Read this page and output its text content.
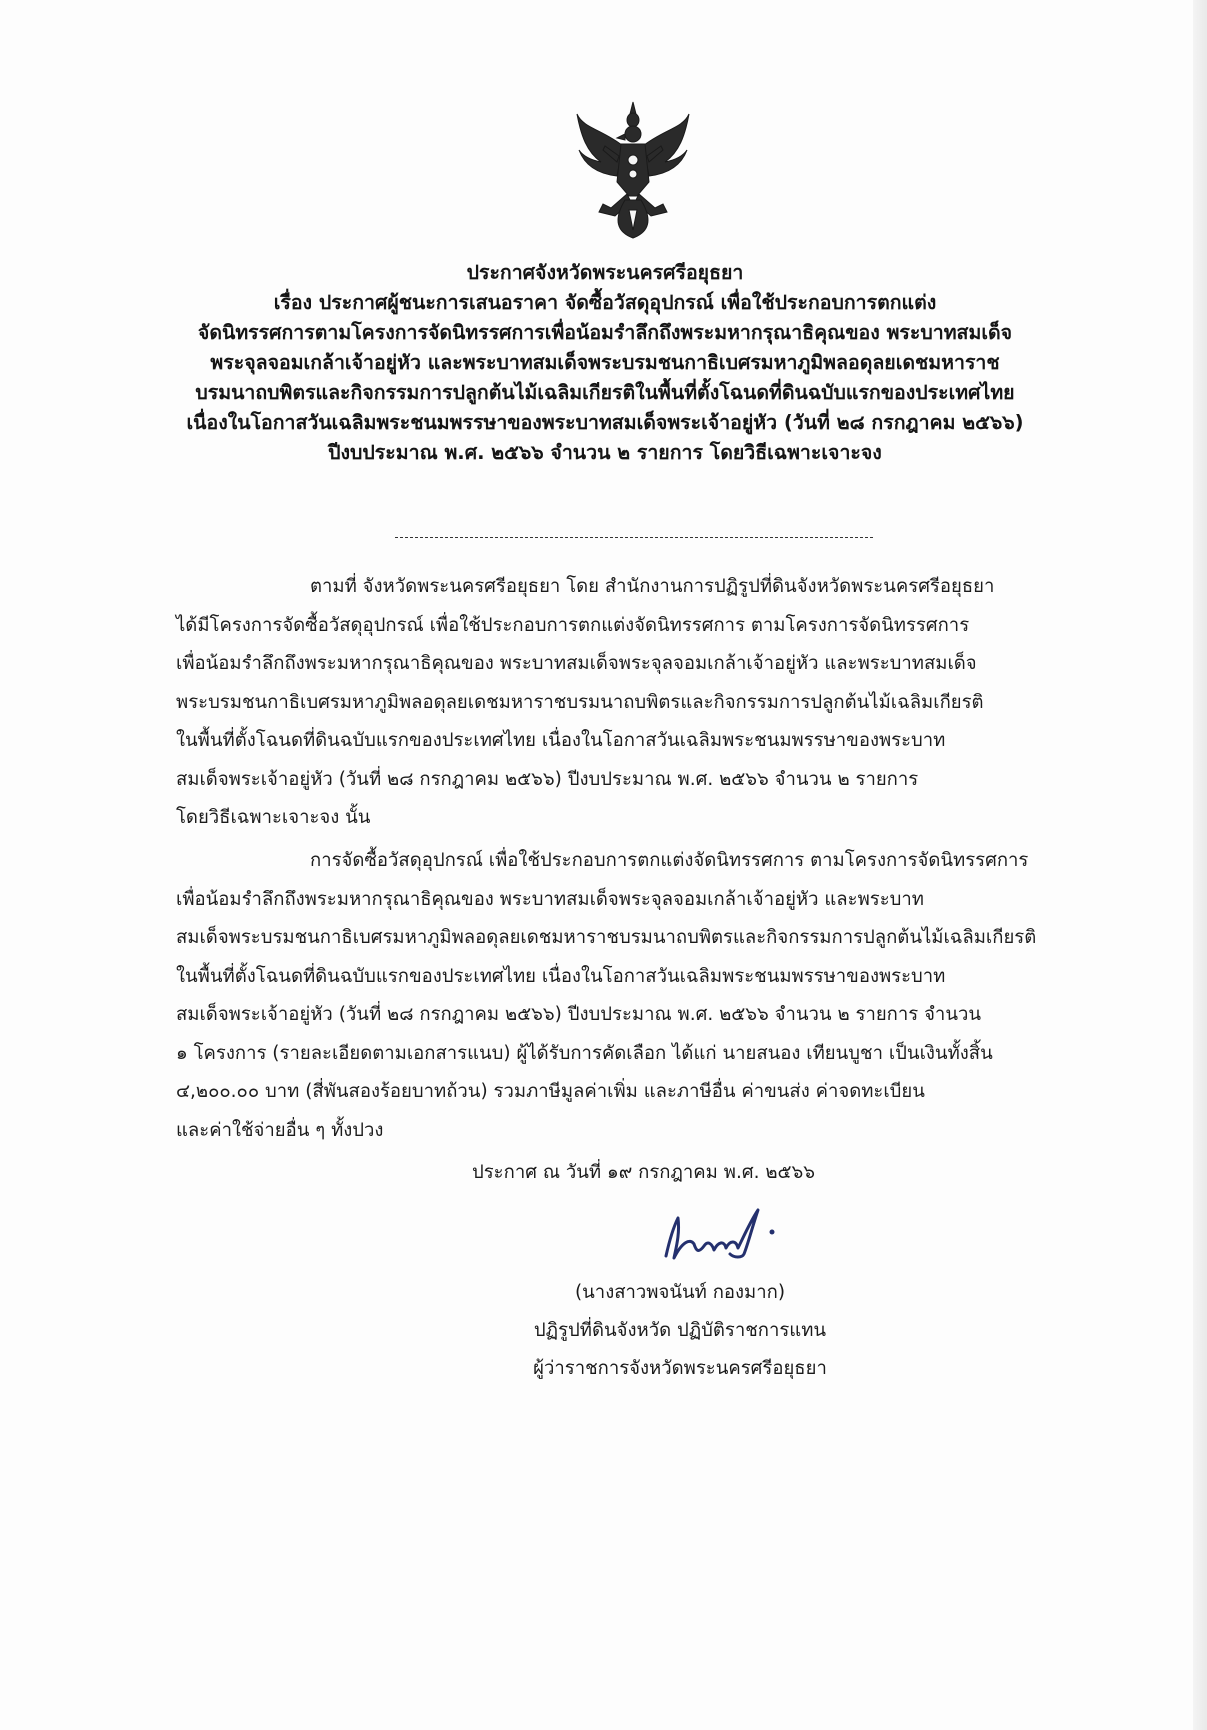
ประกาศจังหวัดพระนครศรีอยุธยา
เรื่อง ประกาศผู้ชนะการเสนอราคา จัดซื้อวัสดุอุปกรณ์ เพื่อใช้ประกอบการตกแต่ง
จัดนิทรรศการตามโครงการจัดนิทรรศการเพื่อน้อมรำลึกถึงพระมหากรุณาธิคุณของ พระบาทสมเด็จ
พระจุลจอมเกล้าเจ้าอยู่หัว และพระบาทสมเด็จพระบรมชนกาธิเบศรมหาภูมิพลอดุลยเดชมหาราช
บรมนาถบพิตรและกิจกรรมการปลูกต้นไม้เฉลิมเกียรติในพื้นที่ตั้งโฉนดที่ดินฉบับแรกของประเทศไทย
เนื่องในโอกาสวันเฉลิมพระชนมพรรษาของพระบาทสมเด็จพระเจ้าอยู่หัว (วันที่ ๒๘ กรกฎาคม ๒๕๖๖)
ปีงบประมาณ พ.ศ. ๒๕๖๖ จำนวน ๒ รายการ โดยวิธีเฉพาะเจาะจง
ตามที่ จังหวัดพระนครศรีอยุธยา โดย สำนักงานการปฏิรูปที่ดินจังหวัดพระนครศรีอยุธยา
ได้มีโครงการจัดซื้อวัสดุอุปกรณ์ เพื่อใช้ประกอบการตกแต่งจัดนิทรรศการ ตามโครงการจัดนิทรรศการ
เพื่อน้อมรำลึกถึงพระมหากรุณาธิคุณของ พระบาทสมเด็จพระจุลจอมเกล้าเจ้าอยู่หัว และพระบาทสมเด็จ
พระบรมชนกาธิเบศรมหาภูมิพลอดุลยเดชมหาราชบรมนาถบพิตรและกิจกรรมการปลูกต้นไม้เฉลิมเกียรติ
ในพื้นที่ตั้งโฉนดที่ดินฉบับแรกของประเทศไทย เนื่องในโอกาสวันเฉลิมพระชนมพรรษาของพระบาท
สมเด็จพระเจ้าอยู่หัว (วันที่ ๒๘ กรกฎาคม ๒๕๖๖) ปีงบประมาณ พ.ศ. ๒๕๖๖ จำนวน ๒ รายการ
โดยวิธีเฉพาะเจาะจง นั้น
การจัดซื้อวัสดุอุปกรณ์ เพื่อใช้ประกอบการตกแต่งจัดนิทรรศการ ตามโครงการจัดนิทรรศการ
เพื่อน้อมรำลึกถึงพระมหากรุณาธิคุณของ พระบาทสมเด็จพระจุลจอมเกล้าเจ้าอยู่หัว และพระบาท
สมเด็จพระบรมชนกาธิเบศรมหาภูมิพลอดุลยเดชมหาราชบรมนาถบพิตรและกิจกรรมการปลูกต้นไม้เฉลิมเกียรติ
ในพื้นที่ตั้งโฉนดที่ดินฉบับแรกของประเทศไทย เนื่องในโอกาสวันเฉลิมพระชนมพรรษาของพระบาท
สมเด็จพระเจ้าอยู่หัว (วันที่ ๒๘ กรกฎาคม ๒๕๖๖) ปีงบประมาณ พ.ศ. ๒๕๖๖ จำนวน ๒ รายการ จำนวน
๑ โครงการ (รายละเอียดตามเอกสารแนบ) ผู้ได้รับการคัดเลือก ได้แก่ นายสนอง เทียนบูชา เป็นเงินทั้งสิ้น
๔,๒๐๐.๐๐ บาท (สี่พันสองร้อยบาทถ้วน) รวมภาษีมูลค่าเพิ่ม และภาษีอื่น ค่าขนส่ง ค่าจดทะเบียน
และค่าใช้จ่ายอื่น ๆ ทั้งปวง
ประกาศ ณ วันที่ ๑๙ กรกฎาคม พ.ศ. ๒๕๖๖
(นางสาวพจนันท์ กองมาก)
ปฏิรูปที่ดินจังหวัด ปฏิบัติราชการแทน
ผู้ว่าราชการจังหวัดพระนครศรีอยุธยา
